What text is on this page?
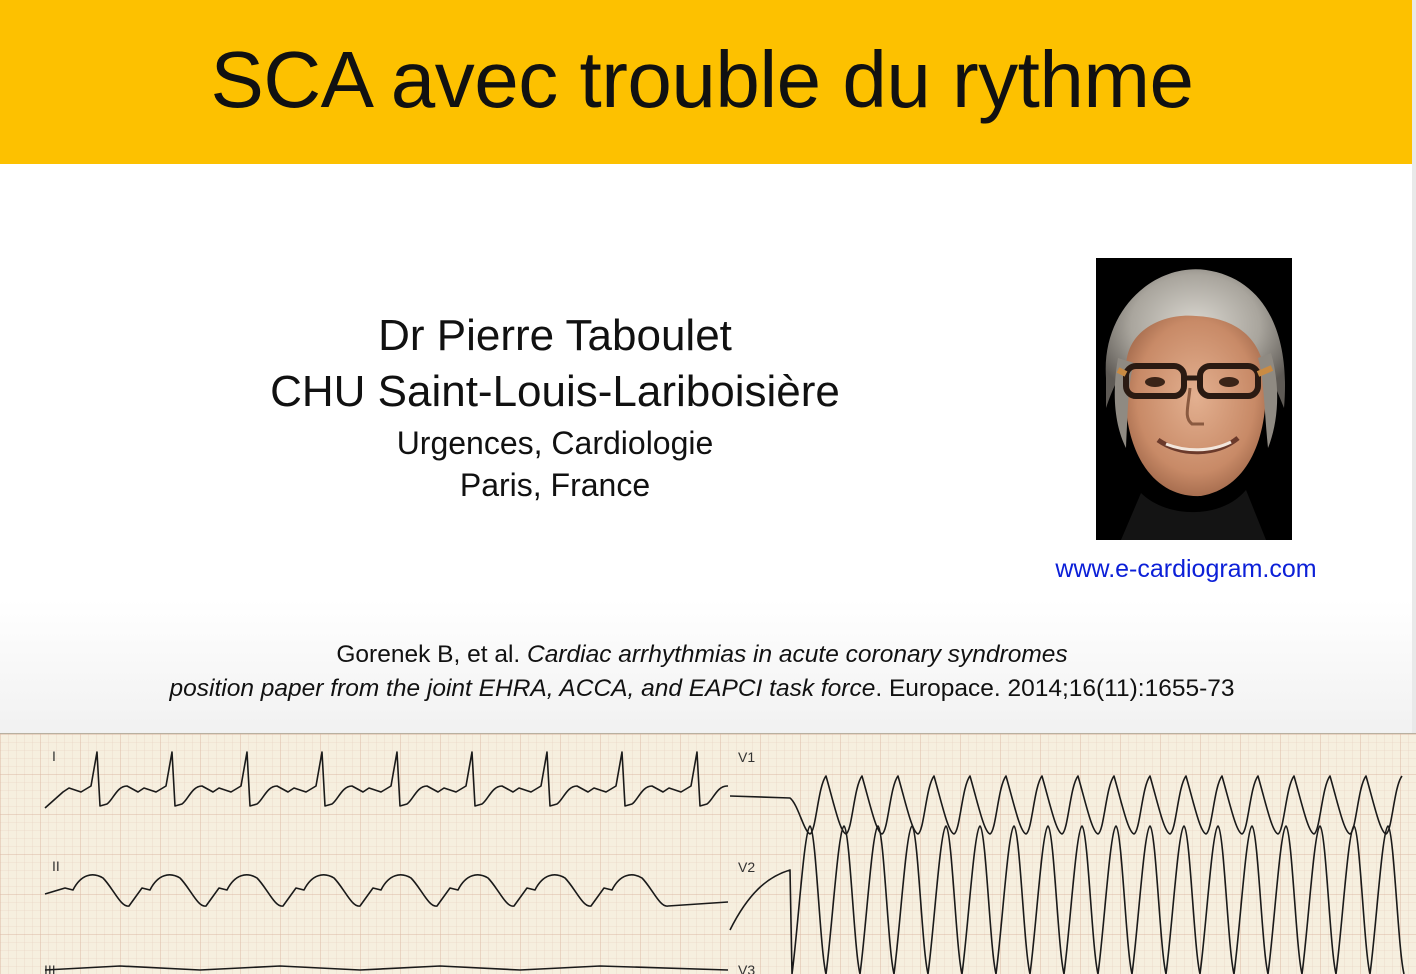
SCA avec trouble du rythme
Dr Pierre Taboulet
CHU Saint-Louis-Lariboisière
Urgences, Cardiologie
Paris, France
www.e-cardiogram.com
Gorenek B, et al. Cardiac arrhythmias in acute coronary syndromes
position paper from the joint EHRA, ACCA, and EAPCI task force. Europace. 2014;16(11):1655-73
I
II
III
V1
V2
V3
